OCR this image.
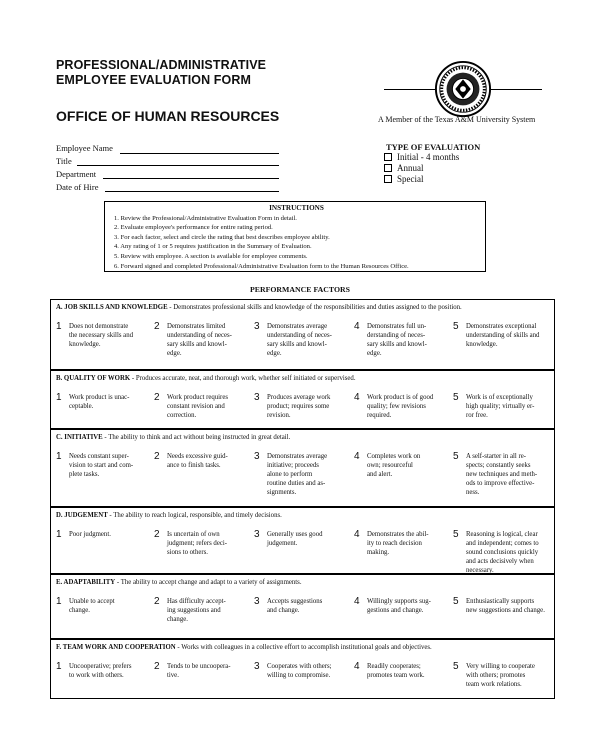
PROFESSIONAL/ADMINISTRATIVE
EMPLOYEE EVALUATION FORM
OFFICE OF HUMAN RESOURCES	A Member of the Texas A&M University System
Employee Name
Title
Department
Date of Hire
TYPE OF EVALUATION
Initial - 4 months
Annual
Special
INSTRUCTIONS
1. Review the Professional/Administrative Evaluation Form in detail.
2. Evaluate employee's performance for entire rating period.
3. For each factor, select and circle the rating that best describes employee ability.
4. Any rating of 1 or 5 requires justification in the Summary of Evaluation.
5. Review with employee. A section is available for employee comments.
6. Forward signed and completed Professional/Administrative Evaluation form to the Human Resources Office.
PERFORMANCE FACTORS
A. JOB SKILLS AND KNOWLEDGE - Demonstrates professional skills and knowledge of the responsibilities and duties assigned to the position.
1 Does not demonstrate
the necessary skills and
knowledge.
2 Demonstrates limited
understanding of neces-
sary skills and knowl-
edge.
3 Demonstrates average
understanding of neces-
sary skills and knowl-
edge.
4 Demonstrates full un-
derstanding of neces-
sary skills and knowl-
edge.
5 Demonstrates exceptional
understanding of skills and
knowledge.
B. QUALITY OF WORK - Produces accurate, neat, and thorough work, whether self initiated or supervised.
1 Work product is unac-
ceptable.
2 Work product requires
constant revision and
correction.
3 Produces average work
product; requires some
revision.
4 Work product is of good
quality; few revisions
required.
5 Work is of exceptionally
high quality; virtually er-
ror free.
C. INITIATIVE - The ability to think and act without being instructed in great detail.
1 Needs constant super-
vision to start and com-
plete tasks.
2 Needs excessive guid-
ance to finish tasks.
3 Demonstrates average
initiative; proceeds
alone to perform
routine duties and as-
signments.
4 Completes work on
own; resourceful
and alert.
5 A self-starter in all re-
spects; constantly seeks
new techniques and meth-
ods to improve effective-
ness.
D. JUDGEMENT - The ability to reach logical, responsible, and timely decisions.
1 Poor judgment.	2 Is uncertain of own
judgment; refers deci-
sions to others.
3 Generally uses good
judgement.
4 Demonstrates the abil-
ity to reach decision
making.
5 Reasoning is logical, clear
and independent; comes to
sound conclusions quickly
and acts decisively when
necessary.
E. ADAPTABILITY - The ability to accept change and adapt to a variety of assignments.
1 Unable to accept
change.
2 Has difficulty accept-
ing suggestions and
change.
3 Accepts suggestions
and change.
4 Willingly supports sug-
gestions and change.
5 Enthusiastically supports
new suggestions and change.
F. TEAM WORK AND COOPERATION - Works with colleagues in a collective effort to accomplish institutional goals and objectives.
1 Uncooperative; prefers
to work with others.
2 Tends to be uncoopera-
tive.
3 Cooperates with others;
willing to compromise.
4 Readily cooperates;
promotes team work.
5 Very willing to cooperate
with others; promotes
team work relations.
